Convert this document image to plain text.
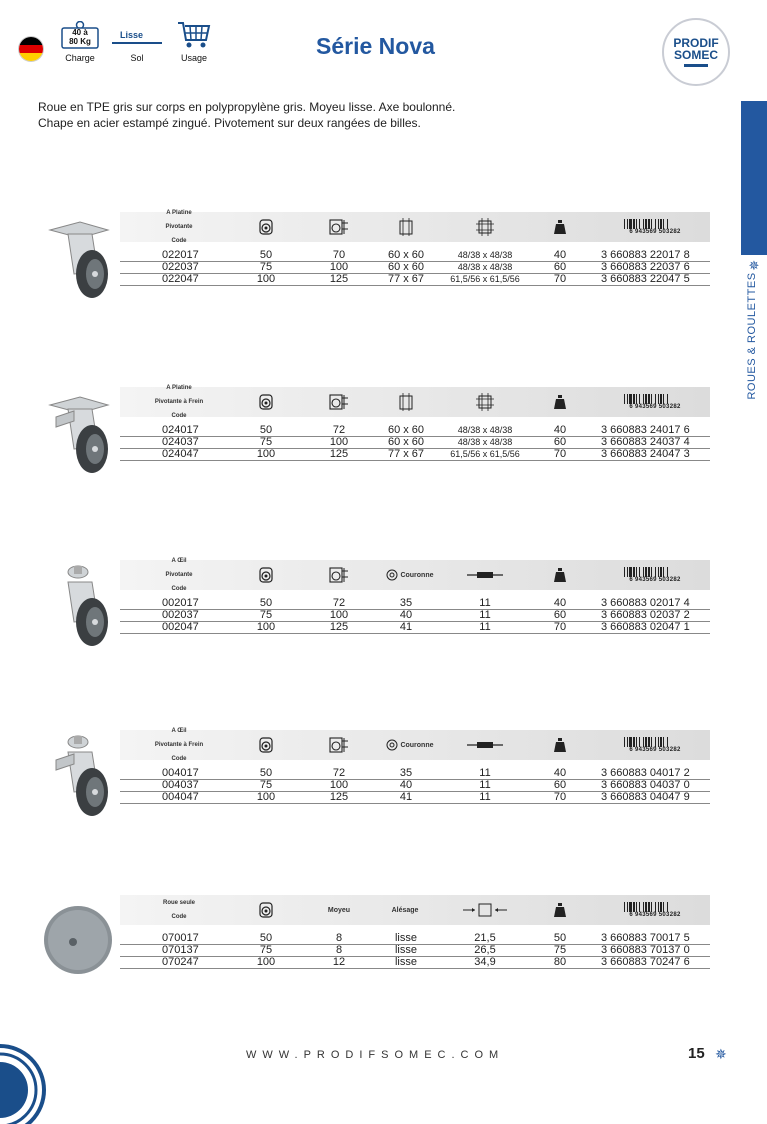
40 à
80 Kg
Charge
Lisse
Sol	Usage	Série Nova	PRODIF
SOMEC
Roue en TPE gris sur corps en polypropylène gris. Moyeu lisse. Axe boulonné.
Chape en acier estampé zingué. Pivotement sur deux rangées de billes.
✵
ROUES & ROULETTES
A Platine

Pivotante

Code
6 943569 503282
022017	50	70	60 x 60	48/38 x 48/38	40	3 660883 22017 8
022037	75	100	60 x 60	48/38 x 48/38	60	3 660883 22037 6
022047	100	125	77 x 67	61,5/56 x 61,5/56	70	3 660883 22047 5
A Platine

Pivotante à Frein

Code
6 943569 503282
024017	50	72	60 x 60	48/38 x 48/38	40	3 660883 24017 6
024037	75	100	60 x 60	48/38 x 48/38	60	3 660883 24037 4
024047	100	125	77 x 67	61,5/56 x 61,5/56	70	3 660883 24047 3
A Œil

Pivotante

Code

Couronne
6 943569 503282
002017	50	72	35	11	40	3 660883 02017 4
002037	75	100	40	11	60	3 660883 02037 2
002047	100	125	41	11	70	3 660883 02047 1
A Œil

Pivotante à Frein

Code

Couronne
6 943569 503282
004017	50	72	35	11	40	3 660883 04017 2
004037	75	100	40	11	60	3 660883 04037 0
004047	100	125	41	11	70	3 660883 04047 9
Roue seule

Code
Moyeu	Alésage
6 943569 503282
070017	50	8	lisse	21,5	50	3 660883 70017 5
070137	75	8	lisse	26,5	75	3 660883 70137 0
070247	100	12	lisse	34,9	80	3 660883 70247 6
WWW.PRODIFSOMEC.COM	15 ✵
